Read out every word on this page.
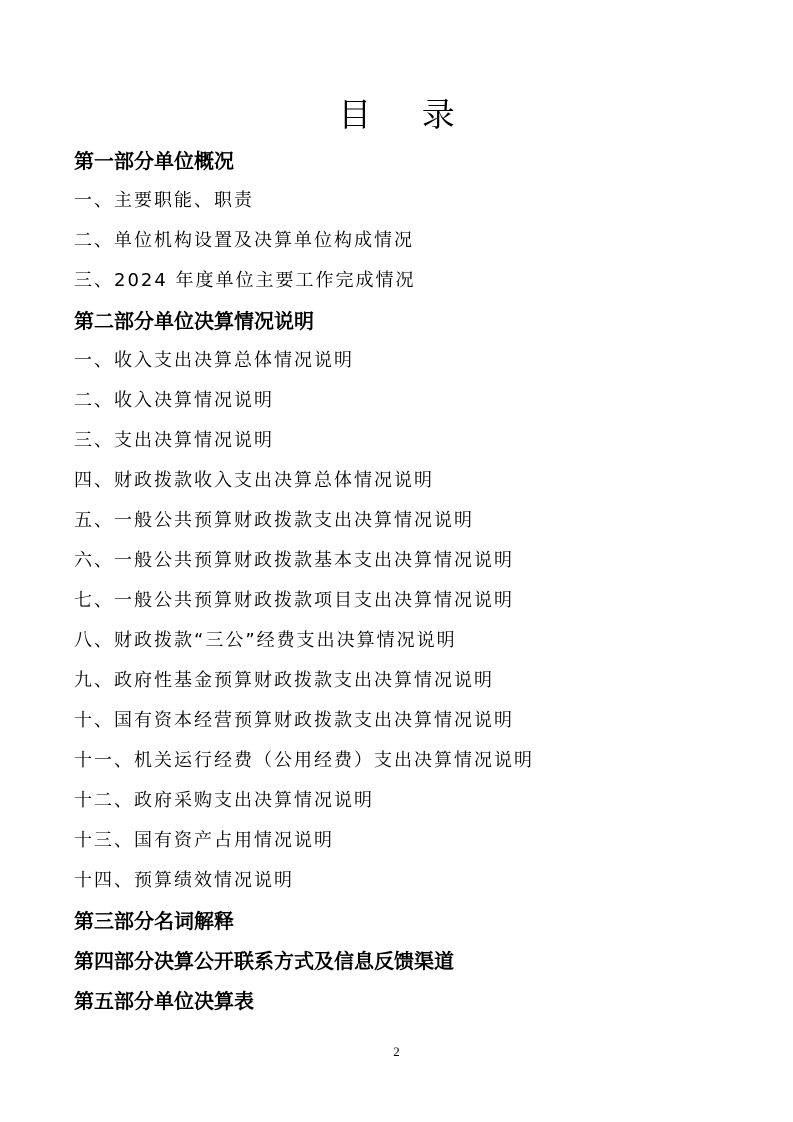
目 录
第一部分单位概况
一、主要职能、职责
二、单位机构设置及决算单位构成情况
三、2024 年度单位主要工作完成情况
第二部分单位决算情况说明
一、收入支出决算总体情况说明
二、收入决算情况说明
三、支出决算情况说明
四、财政拨款收入支出决算总体情况说明
五、一般公共预算财政拨款支出决算情况说明
六、一般公共预算财政拨款基本支出决算情况说明
七、一般公共预算财政拨款项目支出决算情况说明
八、财政拨款“三公”经费支出决算情况说明
九、政府性基金预算财政拨款支出决算情况说明
十、国有资本经营预算财政拨款支出决算情况说明
十一、机关运行经费（公用经费）支出决算情况说明
十二、政府采购支出决算情况说明
十三、国有资产占用情况说明
十四、预算绩效情况说明
第三部分名词解释
第四部分决算公开联系方式及信息反馈渠道
第五部分单位决算表
2
